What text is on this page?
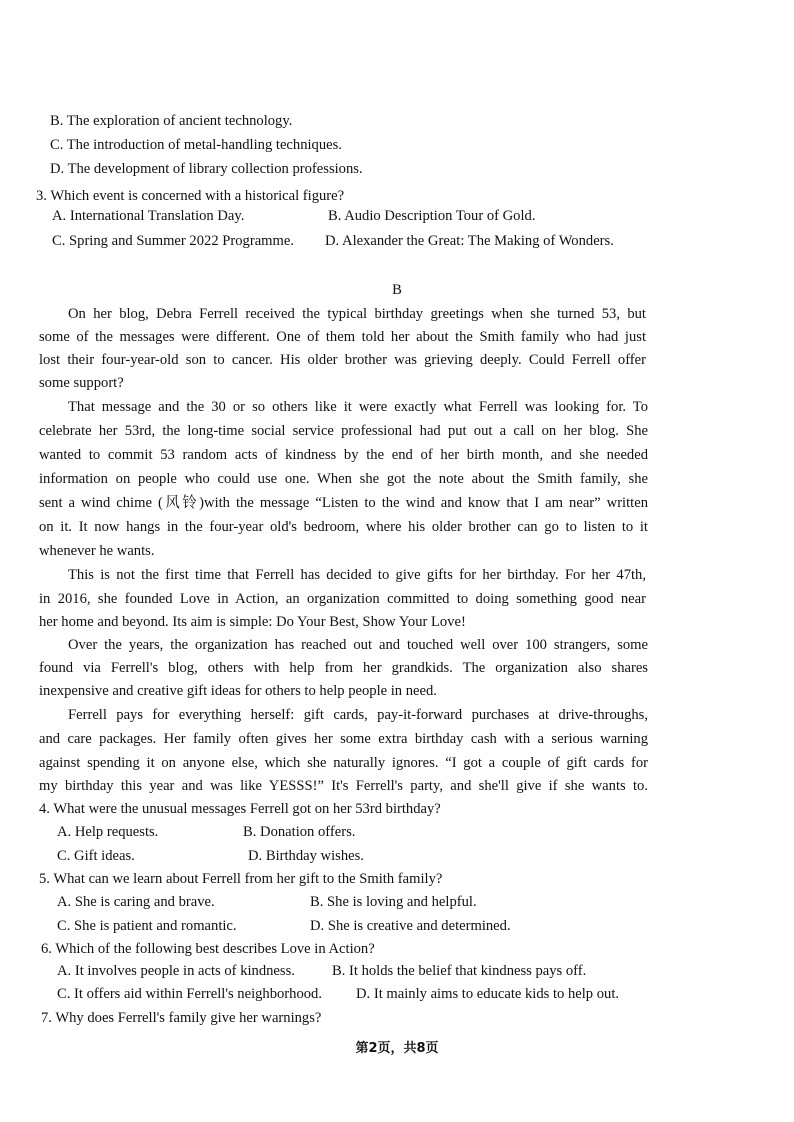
B. The exploration of ancient technology.
C. The introduction of metal-handling techniques.
D. The development of library collection professions.
3. Which event is concerned with a historical figure?
A. International Translation Day.	B. Audio Description Tour of Gold.
C. Spring and Summer 2022 Programme. D. Alexander the Great: The Making of Wonders.
B
On her blog, Debra Ferrell received the typical birthday greetings when she turned 53, but
some of the messages were different. One of them told her about the Smith family who had just
lost their four-year-old son to cancer. His older brother was grieving deeply. Could Ferrell offer
some support?
That message and the 30 or so others like it were exactly what Ferrell was looking for. To
celebrate her 53rd, the long-time social service professional had put out a call on her blog. She
wanted to commit 53 random acts of kindness by the end of her birth month, and she needed
information on people who could use one. When she got the note about the Smith family, she
sent a wind chime (风铃)with the message “Listen to the wind and know that I am near” written
on it. It now hangs in the four-year old's bedroom, where his older brother can go to listen to it
whenever he wants.
This is not the first time that Ferrell has decided to give gifts for her birthday. For her 47th,
in 2016, she founded Love in Action, an organization committed to doing something good near
her home and beyond. Its aim is simple: Do Your Best, Show Your Love!
Over the years, the organization has reached out and touched well over 100 strangers, some
found via Ferrell's blog, others with help from her grandkids. The organization also shares
inexpensive and creative gift ideas for others to help people in need.
Ferrell pays for everything herself: gift cards, pay-it-forward purchases at drive-throughs,
and care packages. Her family often gives her some extra birthday cash with a serious warning
against spending it on anyone else, which she naturally ignores. “I got a couple of gift cards for
my birthday this year and was like YESSS!” It's Ferrell's party, and she'll give if she wants to.
4. What were the unusual messages Ferrell got on her 53rd birthday?
A. Help requests.	B. Donation offers.
C. Gift ideas.	D. Birthday wishes.
5. What can we learn about Ferrell from her gift to the Smith family?
A. She is caring and brave.	B. She is loving and helpful.
C. She is patient and romantic.	D. She is creative and determined.
6. Which of the following best describes Love in Action?
A. It involves people in acts of kindness.	B. It holds the belief that kindness pays off.
C. It offers aid within Ferrell's neighborhood. D. It mainly aims to educate kids to help out.
7. Why does Ferrell's family give her warnings?
第2页，共8页
